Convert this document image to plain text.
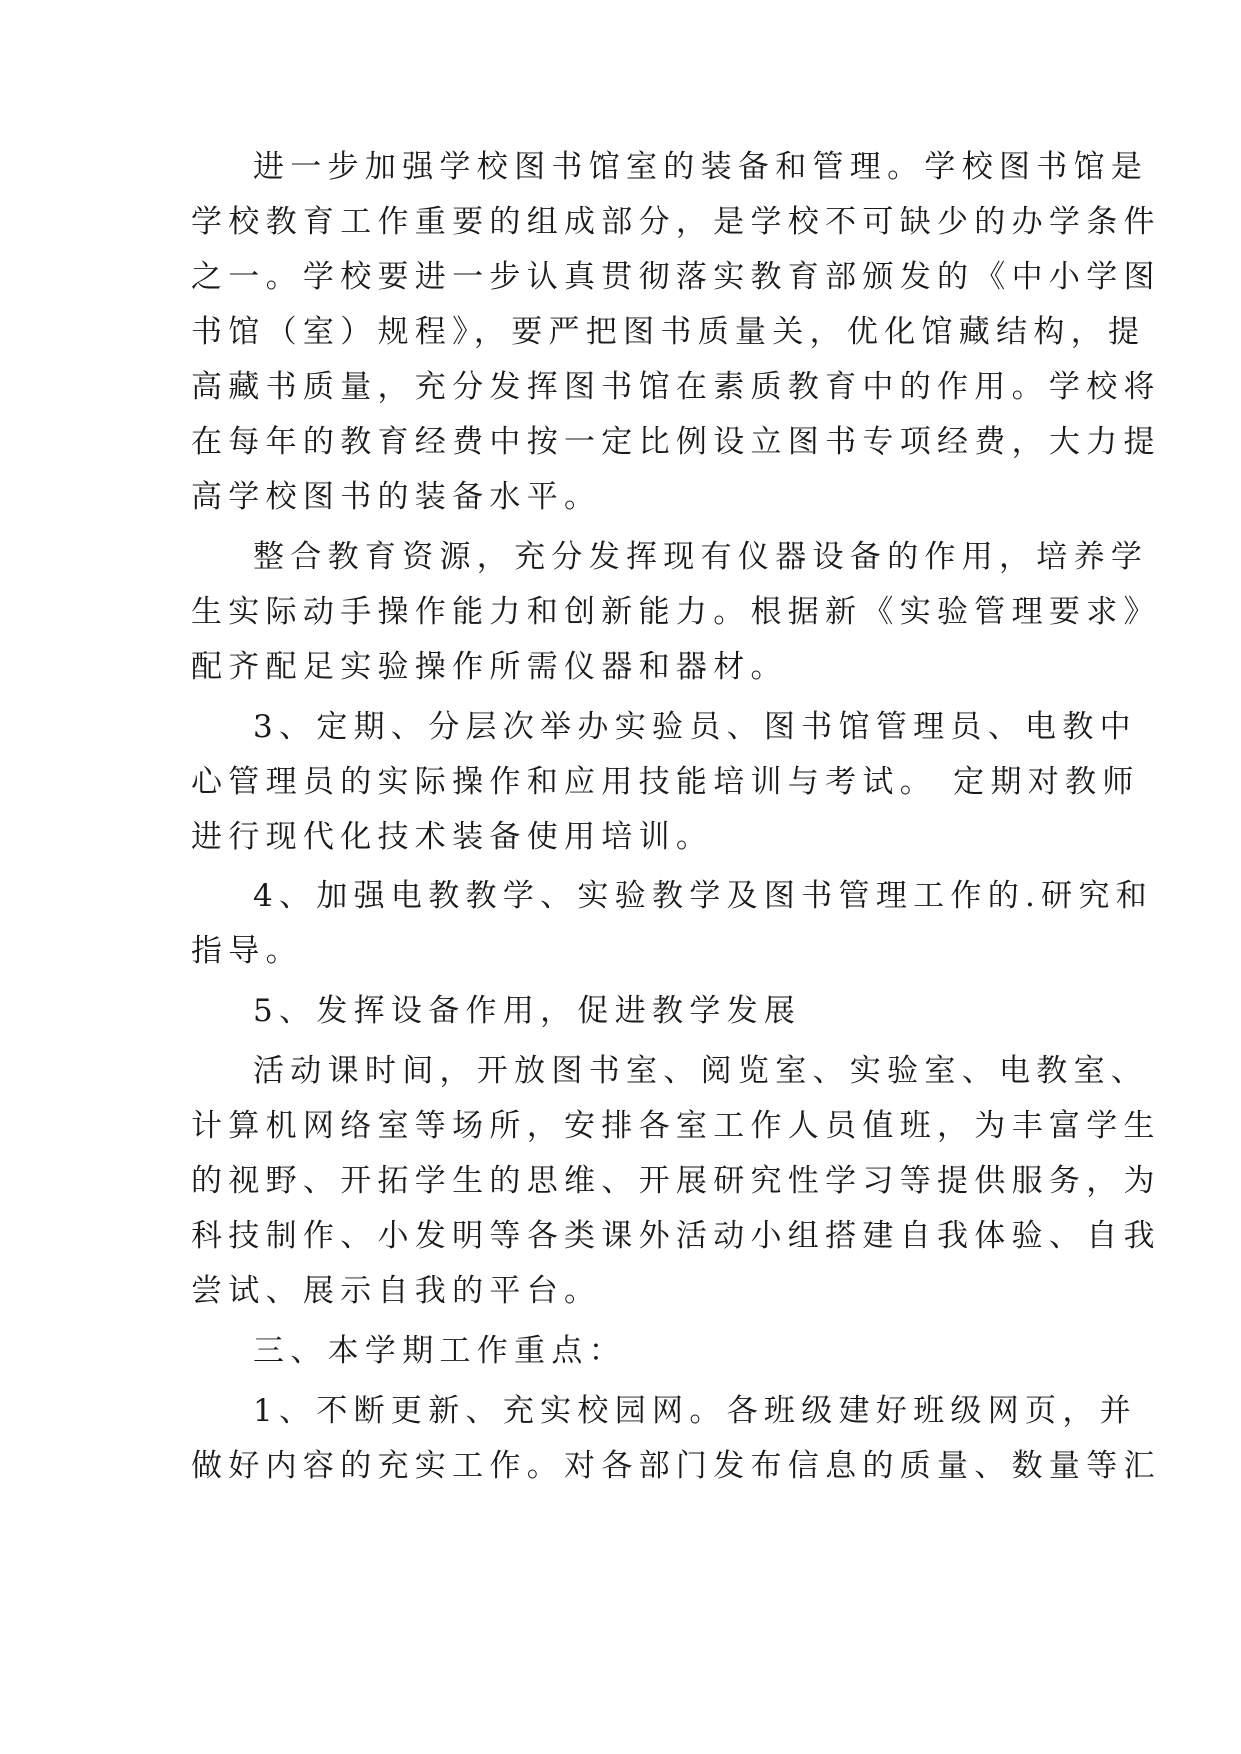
进一步加强学校图书馆室的装备和管理。学校图书馆是
学校教育工作重要的组成部分，是学校不可缺少的办学条件
之一。学校要进一步认真贯彻落实教育部颁发的《中小学图
书馆（室）规程》，要严把图书质量关，优化馆藏结构，提
高藏书质量，充分发挥图书馆在素质教育中的作用。学校将
在每年的教育经费中按一定比例设立图书专项经费，大力提
高学校图书的装备水平。
整合教育资源，充分发挥现有仪器设备的作用，培养学
生实际动手操作能力和创新能力。根据新《实验管理要求》
配齐配足实验操作所需仪器和器材。
3、定期、分层次举办实验员、图书馆管理员、电教中
心管理员的实际操作和应用技能培训与考试。 定期对教师
进行现代化技术装备使用培训。
4、加强电教教学、实验教学及图书管理工作的.研究和
指导。
5、发挥设备作用，促进教学发展
活动课时间，开放图书室、阅览室、实验室、电教室、
计算机网络室等场所，安排各室工作人员值班，为丰富学生
的视野、开拓学生的思维、开展研究性学习等提供服务，为
科技制作、小发明等各类课外活动小组搭建自我体验、自我
尝试、展示自我的平台。
三、本学期工作重点：
1、不断更新、充实校园网。各班级建好班级网页，并
做好内容的充实工作。对各部门发布信息的质量、数量等汇
